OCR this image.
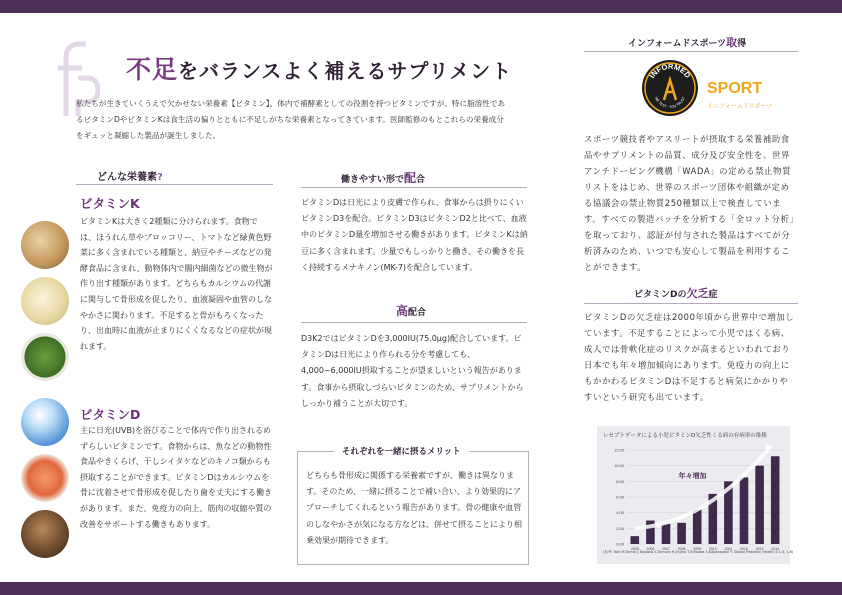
不足をバランスよく補えるサプリメント
私たちが生きていくうえで欠かせない栄養素【ビタミン】。体内で補酵素としての役割を持つビタミンですが、特に脂溶性であるビタミンDやビタミンKは食生活の偏りとともに不足しがちな栄養素となってきています。医師監修のもとこれらの栄養成分をギュッと凝縮した製品が誕生しました。
どんな栄養素?
ビタミンK
ビタミンKは大きく2種類に分けられます。食物では、ほうれん草やブロッコリー、トマトなど緑黄色野菜に多く含まれている種類と、納豆やチーズなどの発酵食品に含まれ、動物体内で腸内細菌などの微生物が作り出す種類があります。どちらもカルシウムの代謝に関与して骨形成を促したり、血液凝固や血管のしなやかさに関わります。不足すると骨がもろくなったり、出血時に血液が止まりにくくなるなどの症状が現れます。
ビタミンD
主に日光(UVB)を浴びることで体内で作り出されるめずらしいビタミンです。食物からは、魚などの動物性食品やきくらげ、干しシイタケなどのキノコ類からも摂取することができます。ビタミンDはカルシウムを骨に沈着させて骨形成を促したり歯を丈夫にする働きがあります。また、免疫力の向上、筋肉の収縮や質の改善をサポートする働きもあります。
働きやすい形で配合
ビタミンDは日光により皮膚で作られ、食事からは摂りにくいビタミンD3を配合。ビタミンD3はビタミンD2と比べて、血液中のビタミンD量を増加させる働きがあります。ビタミンKは納豆に多く含まれます。少量でもしっかりと働き、その働きを長く持続するメナキノン(MK-7)を配合しています。
高配合
D3K2ではビタミンDを3,000IU(75.0μg)配合しています。ビタミンDは日光により作られる分を考慮しても、4,000~6,000IU摂取することが望ましいという報告があります。食事から摂取しづらいビタミンのため、サプリメントからしっかり補うことが大切です。
それぞれを一緒に摂るメリット
どちらも骨形成に関係する栄養素ですが、働きは異なります。そのため、一緒に摂ることで補い合い、より効果的にアプローチしてくれるという報告があります。骨の健康や血管のしなやかさが気になる方などは、併せて摂ることにより相乗効果が期待できます。
インフォームドスポーツ取得
INFORMED
WE TEST · YOU TRUST
SPORT
インフォームドスポーツ
スポーツ競技者やアスリートが摂取する栄養補助食品やサプリメントの品質、成分及び安全性を、世界アンチドーピング機構「WADA」の定める禁止物質リストをはじめ、世界のスポーツ団体や組織が定める協議会の禁止物質250種類以上で検査しています。すべての製造バッチを分析する「全ロット分析」を取っており、認証が付与された製品はすべてが分析済みのため、いつでも安心して製品を利用することができます。
ビタミンDの欠乏症
ビタミンDの欠乏症は2000年頃から世界中で増加しています。不足することによって小児ではくる病、成人では骨軟化症のリスクが高まるといわれており日本でも年々増加傾向にあります。免疫力の向上にもかかわるビタミンDは不足すると病気にかかりやすいという研究も出ています。
レセプトデータによる小児ビタミンD欠乏性くる病の有病率の推移
0.00
2.00
4.00
6.00
8.00
10.00
12.00
2005 2006 2007 2008 2009 2010 2011 2012 2013 2014
年々増加
(参考: Itoh M,Tomio J,Toyooka S,Tamura H,Jinjina T,Kirisoda S,Kabanazaki Y. Global Pediatric Health 3:1-4, 1-6)
